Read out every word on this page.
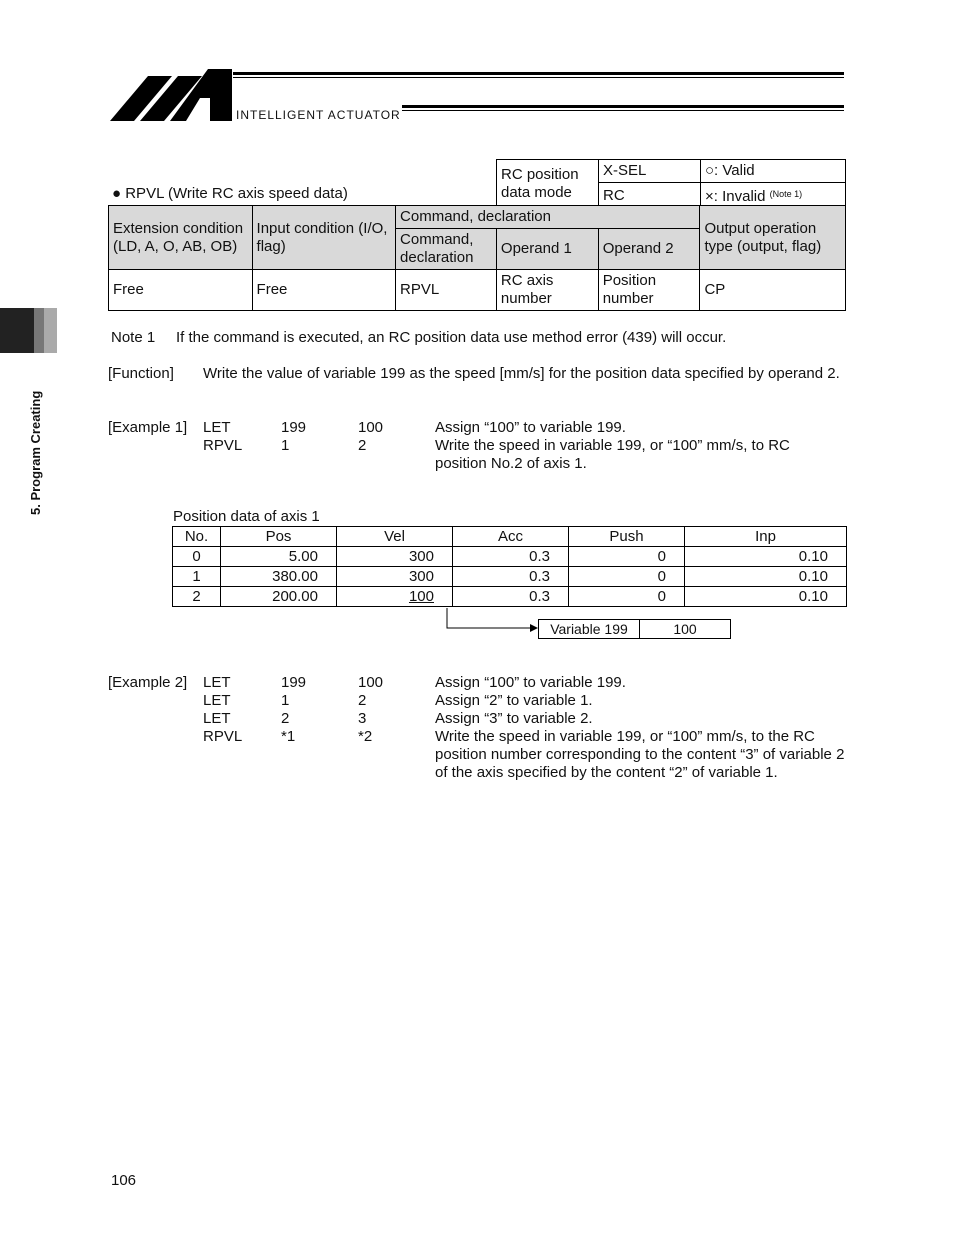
INTELLIGENT ACTUATOR
5. Program Creating
RC position data mode	X-SEL	○: Valid
	RC	×: Invalid $^{(Note 1)}$
● RPVL (Write RC axis speed data)
Extension condition (LD, A, O, AB, OB)	Input condition (I/O, flag)	Command, declaration			Output operation type (output, flag)
		Command, declaration	Operand 1	Operand 2	
Free	Free	RPVL	RC axis number	Position number	CP
Note 1 If the command is executed, an RC position data use method error (439) will occur.
[Function] Write the value of variable 199 as the speed [mm/s] for the position data specified by operand 2.
[Example 1] LET	199	100	Assign “100” to variable 199.
RPVL	1	2	Write the speed in variable 199, or “100” mm/s, to RC position No.2 of axis 1.
Position data of axis 1
No.	Pos	Vel	Acc	Push	Inp
0	5.00	300	0.3	0	0.10
1	380.00	300	0.3	0	0.10
2	200.00	100	0.3	0	0.10
Variable 199	100
[Example 2] LET	199	100	Assign “100” to variable 199.
LET	1	2	Assign “2” to variable 1.
LET	2	3	Assign “3” to variable 2.
RPVL	*1	*2	Write the speed in variable 199, or “100” mm/s, to the RC position number corresponding to the content “3” of variable 2 of the axis specified by the content “2” of variable 1.
106
